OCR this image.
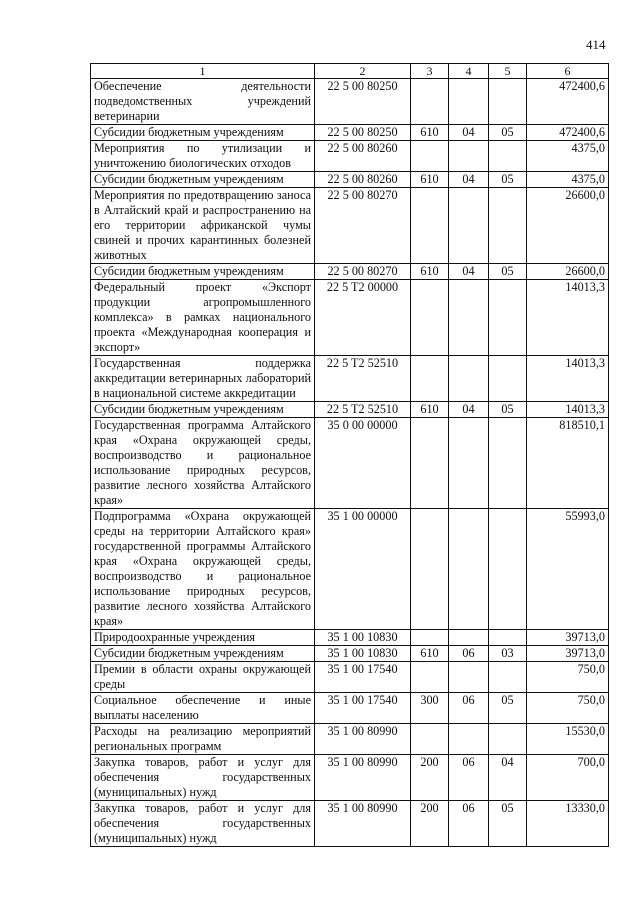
414
1	2	3	4	5	6
Обеспечение деятельности подведомственных учреждений ветеринарии	22 5 00 80250				472400,6
Субсидии бюджетным учреждениям	22 5 00 80250	610	04	05	472400,6
Мероприятия по утилизации и уничтожению биологических отходов	22 5 00 80260				4375,0
Субсидии бюджетным учреждениям	22 5 00 80260	610	04	05	4375,0
Мероприятия по предотвращению заноса в Алтайский край и распространению на его территории африканской чумы свиней и прочих карантинных болезней животных	22 5 00 80270				26600,0
Субсидии бюджетным учреждениям	22 5 00 80270	610	04	05	26600,0
Федеральный проект «Экспорт продукции агропромышленного комплекса» в рамках национального проекта «Международная кооперация и экспорт»	22 5 T2 00000				14013,3
Государственная поддержка аккредитации ветеринарных лабораторий в национальной системе аккредитации	22 5 T2 52510				14013,3
Субсидии бюджетным учреждениям	22 5 T2 52510	610	04	05	14013,3
Государственная программа Алтайского края «Охрана окружающей среды, воспроизводство и рациональное использование природных ресурсов, развитие лесного хозяйства Алтайского края»	35 0 00 00000				818510,1
Подпрограмма «Охрана окружающей среды на территории Алтайского края» государственной программы Алтайского края «Охрана окружающей среды, воспроизводство и рациональное использование природных ресурсов, развитие лесного хозяйства Алтайского края»	35 1 00 00000				55993,0
Природоохранные учреждения	35 1 00 10830				39713,0
Субсидии бюджетным учреждениям	35 1 00 10830	610	06	03	39713,0
Премии в области охраны окружающей среды	35 1 00 17540				750,0
Социальное обеспечение и иные выплаты населению	35 1 00 17540	300	06	05	750,0
Расходы на реализацию мероприятий региональных программ	35 1 00 80990				15530,0
Закупка товаров, работ и услуг для обеспечения государственных (муниципальных) нужд	35 1 00 80990	200	06	04	700,0
Закупка товаров, работ и услуг для обеспечения государственных (муниципальных) нужд	35 1 00 80990	200	06	05	13330,0
